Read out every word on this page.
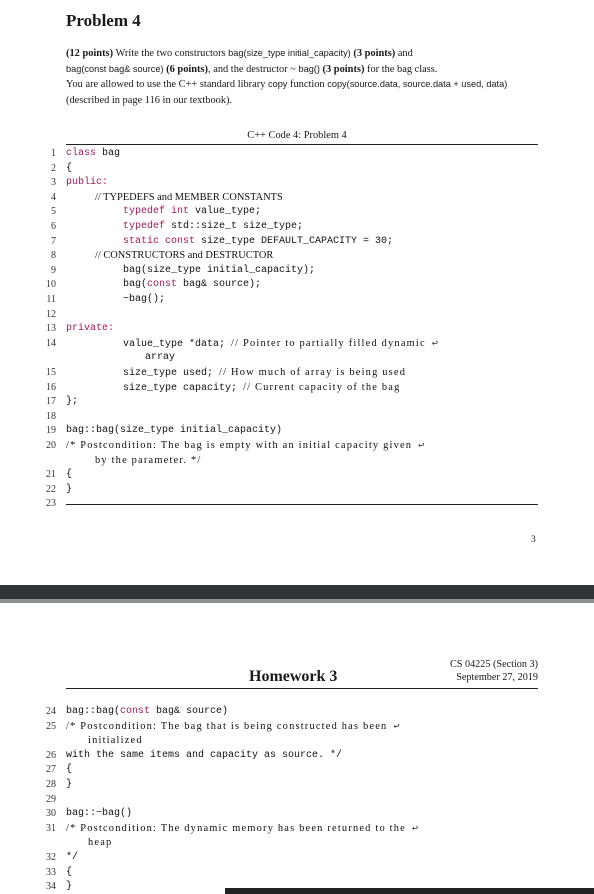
Problem 4
(12 points) Write the two constructors bag(size_type initial_capacity) (3 points) and
bag(const bag& source) (6 points), and the destructor ~ bag() (3 points) for the bag class.
You are allowed to use the C++ standard library copy function copy(source.data, source.data + used, data)
(described in page 116 in our textbook).
C++ Code 4: Problem 4
1 class bag
2 {
3 public:
4	// TYPEDEFS and MEMBER CONSTANTS
5	typedef int value_type;
6	typedef std::size_t size_type;
7	static const size_type DEFAULT_CAPACITY = 30;
8	// CONSTRUCTORS and DESTRUCTOR
9	bag(size_type initial_capacity);
10	bag(const bag& source);
11	~bag();
12
13 private:
14	value_type *data; // Pointer to partially filled dynamic ↩
array
15	size_type used; // How much of array is being used
16	size_type capacity; // Current capacity of the bag
17 };
18
19 bag::bag(size_type initial_capacity)
20 /* Postcondition: The bag is empty with an initial capacity given ↩
by the parameter. */
21 {
22 }
23
3
Homework 3
CS 04225 (Section 3)
September 27, 2019
24 bag::bag(const bag& source)
25 /* Postcondition: The bag that is being constructed has been ↩
initialized
26 with the same items and capacity as source. */
27 {
28 }
29
30 bag::~bag()
31 /* Postcondition: The dynamic memory has been returned to the ↩
heap
32 */
33 {
34 }
